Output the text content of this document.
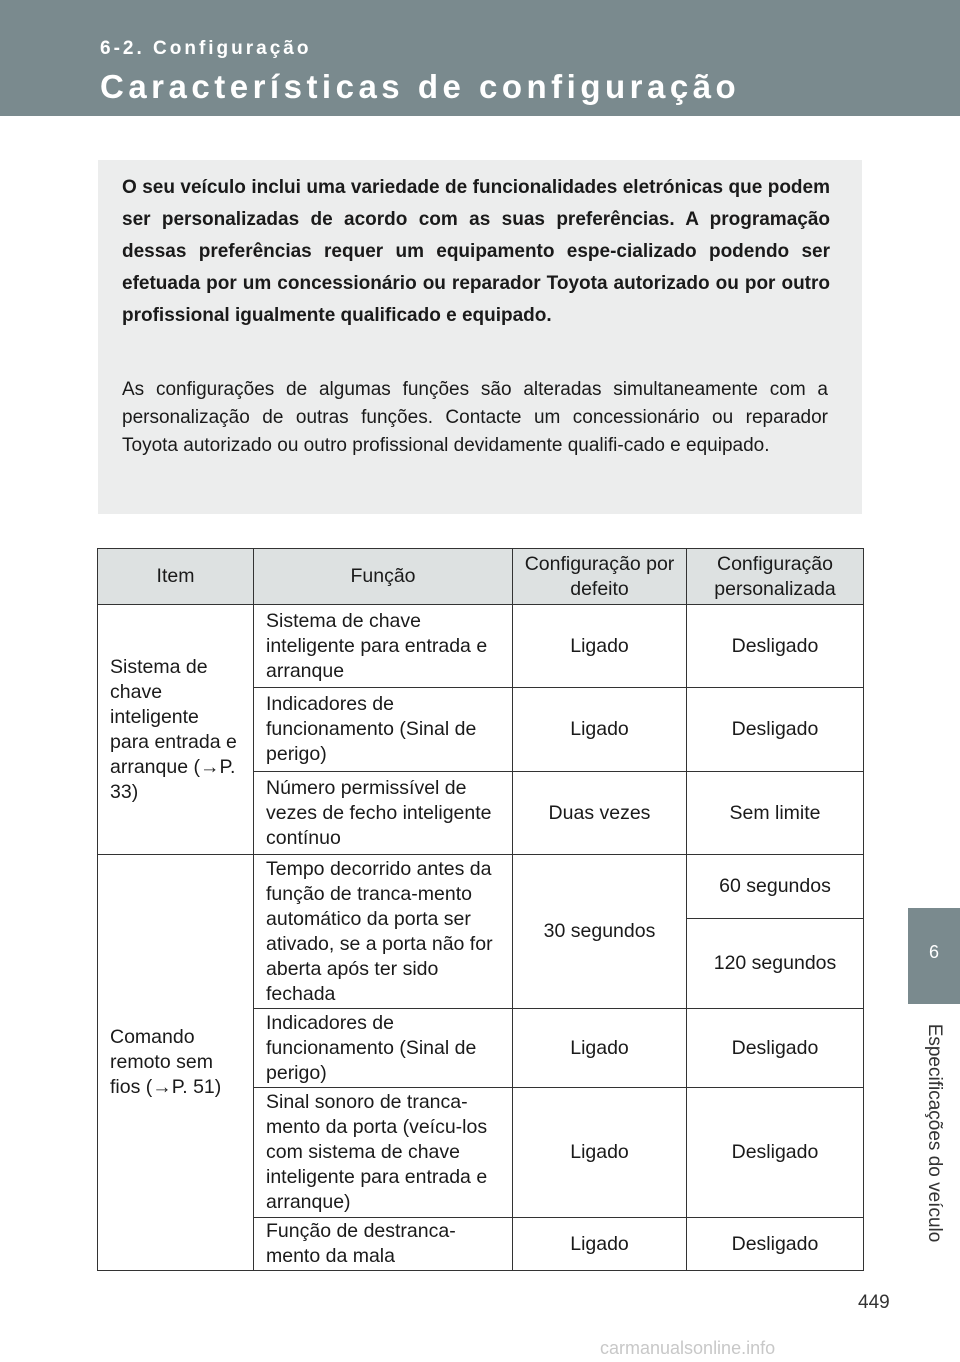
6-2. Configuração
Características de configuração

O seu veículo inclui uma variedade de funcionalidades eletrónicas que podem ser personalizadas de acordo com as suas preferências. A programação dessas preferências requer um equipamento espe-cializado podendo ser efetuada por um concessionário ou reparador Toyota autorizado ou por outro profissional igualmente qualificado e equipado.

As configurações de algumas funções são alteradas simultaneamente com a personalização de outras funções. Contacte um concessionário ou reparador Toyota autorizado ou outro profissional devidamente qualifi-cado e equipado.

Item	Função	Configuração por defeito	Configuração personalizada
Sistema de chave inteligente para entrada e arranque (→P. 33)	Sistema de chave inteligente para entrada e arranque	Ligado	Desligado
	Indicadores de funcionamento (Sinal de perigo)	Ligado	Desligado
	Número permissível de vezes de fecho inteligente contínuo	Duas vezes	Sem limite
Comando remoto sem fios (→P. 51)	Tempo decorrido antes da função de tranca-mento automático da porta ser ativado, se a porta não for aberta após ter sido fechada	30 segundos	60 segundos
			120 segundos
	Indicadores de funcionamento (Sinal de perigo)	Ligado	Desligado
	Sinal sonoro de tranca-mento da porta (veícu-los com sistema de chave inteligente para entrada e arranque)	Ligado	Desligado
	Função de destranca-mento da mala	Ligado	Desligado
6
Especificações do veículo
449
carmanualsonline.info
